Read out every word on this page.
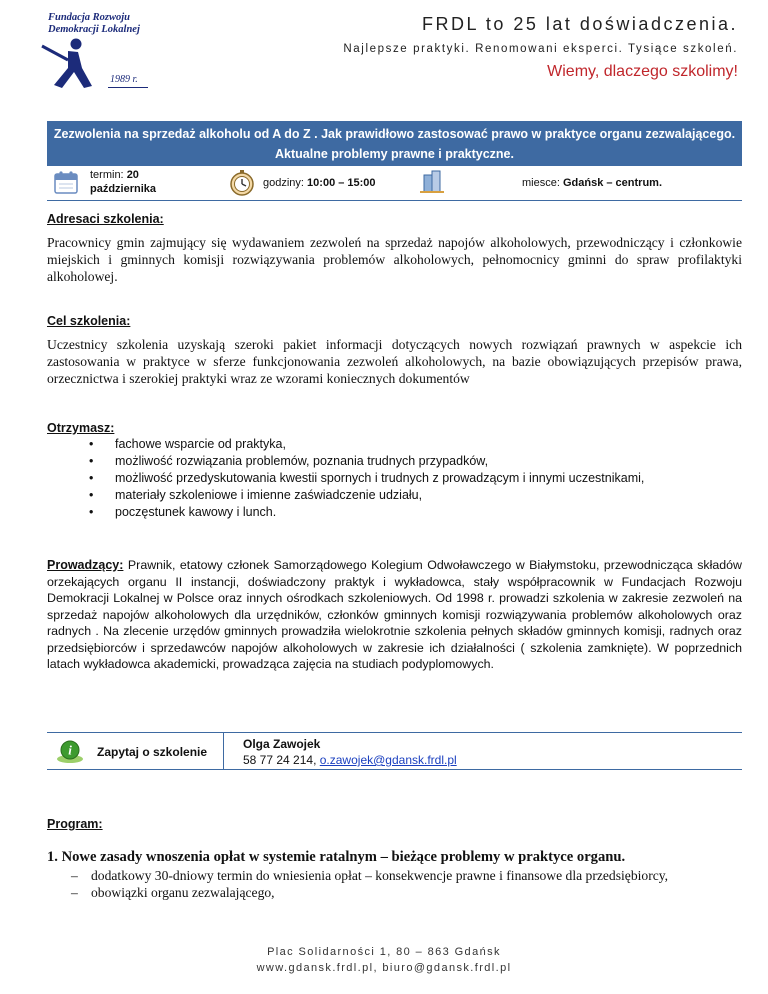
Fundacja Rozwoju
Demokracji Lokalnej
1989 r.
FRDL to 25 lat doświadczenia.
Najlepsze praktyki. Renomowani eksperci. Tysiące szkoleń.
Wiemy, dlaczego szkolimy!
Zezwolenia na sprzedaż alkoholu od A do Z . Jak prawidłowo zastosować prawo w praktyce organu zezwalającego. Aktualne problemy prawne i praktyczne.
termin: 20
października	godziny: 10:00 – 15:00	miesce: Gdańsk – centrum.
Adresaci szkolenia:
Pracownicy gmin zajmujący się wydawaniem zezwoleń na sprzedaż napojów alkoholowych, przewodniczący i członkowie miejskich i gminnych komisji rozwiązywania problemów alkoholowych, pełnomocnicy gminni do spraw profilaktyki alkoholowej.
Cel szkolenia:
Uczestnicy szkolenia uzyskają szeroki pakiet informacji dotyczących nowych rozwiązań prawnych w aspekcie ich zastosowania w praktyce w sferze funkcjonowania zezwoleń alkoholowych, na bazie obowiązujących przepisów prawa, orzecznictwa i szerokiej praktyki wraz ze wzorami koniecznych dokumentów
Otrzymasz:
• fachowe wsparcie od praktyka,
• możliwość rozwiązania problemów, poznania trudnych przypadków,
• możliwość przedyskutowania kwestii spornych i trudnych z prowadzącym i innymi uczestnikami,
• materiały szkoleniowe i imienne zaświadczenie udziału,
• poczęstunek kawowy i lunch.
Prowadzący: Prawnik, etatowy członek Samorządowego Kolegium Odwoławczego w Białymstoku, przewodnicząca składów orzekających organu II instancji, doświadczony praktyk i wykładowca, stały współpracownik w Fundacjach Rozwoju Demokracji Lokalnej w Polsce oraz innych ośrodkach szkoleniowych. Od 1998 r. prowadzi szkolenia w zakresie zezwoleń na sprzedaż napojów alkoholowych dla urzędników, członków gminnych komisji rozwiązywania problemów alkoholowych oraz radnych . Na zlecenie urzędów gminnych prowadziła wielokrotnie szkolenia pełnych składów gminnych komisji, radnych oraz przedsiębiorców i sprzedawców napojów alkoholowych w zakresie ich działalności ( szkolenia zamknięte). W poprzednich latach wykładowca akademicki, prowadząca zajęcia na studiach podyplomowych.
i Zapytaj o szkolenie
Olga Zawojek
58 77 24 214, o.zawojek@gdansk.frdl.pl
Program:
1. Nowe zasady wnoszenia opłat w systemie ratalnym – bieżące problemy w praktyce organu.
– dodatkowy 30-dniowy termin do wniesienia opłat – konsekwencje prawne i finansowe dla przedsiębiorcy,
– obowiązki organu zezwalającego,
Plac Solidarności 1, 80 – 863 Gdańsk
www.gdansk.frdl.pl, biuro@gdansk.frdl.pl
